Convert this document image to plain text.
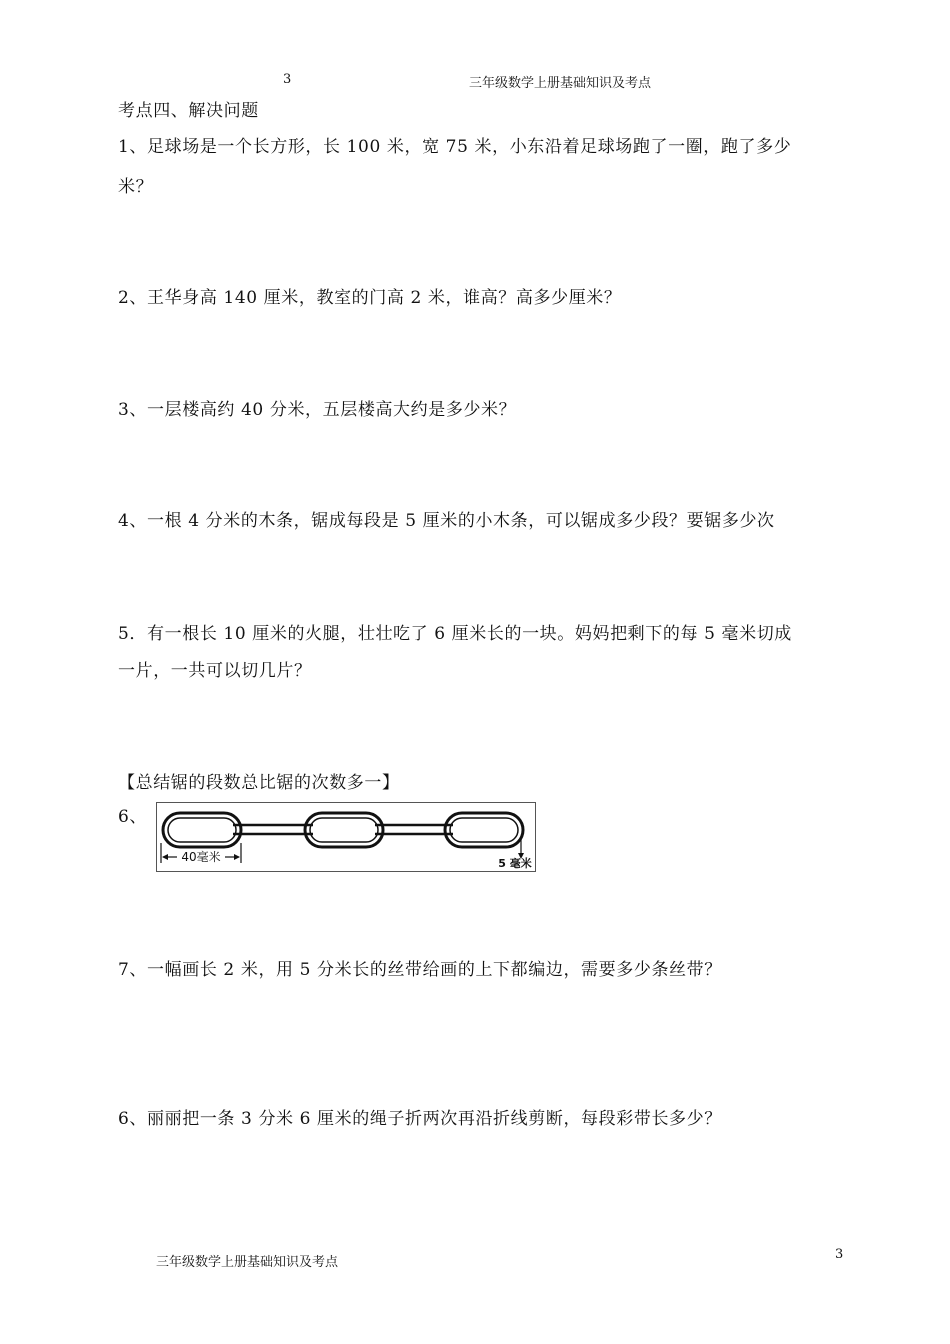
3	三年级数学上册基础知识及考点
考点四、解决问题
1、足球场是一个长方形，长 100 米，宽 75 米，小东沿着足球场跑了一圈，跑了多少
米？
2、王华身高 140 厘米，教室的门高 2 米，谁高？高多少厘米？
3、一层楼高约 40 分米，五层楼高大约是多少米？
4、一根 4 分米的木条，锯成每段是 5 厘米的小木条，可以锯成多少段？要锯多少次
5．有一根长 10 厘米的火腿，壮壮吃了 6 厘米长的一块。妈妈把剩下的每 5 毫米切成
一片，一共可以切几片？
【总结锯的段数总比锯的次数多一】
6、
40毫米	5 毫米
7、一幅画长 2 米，用 5 分米长的丝带给画的上下都编边，需要多少条丝带？
6、丽丽把一条 3 分米 6 厘米的绳子折两次再沿折线剪断，每段彩带长多少？
三年级数学上册基础知识及考点
3
